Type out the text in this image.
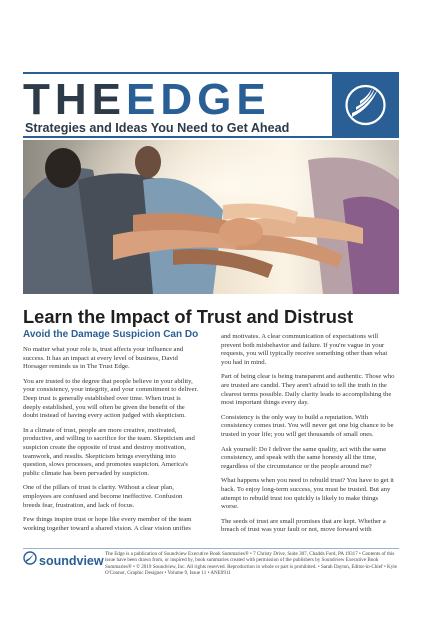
THEEDGE
Strategies and Ideas You Need to Get Ahead
Learn the Impact of Trust and Distrust
Avoid the Damage Suspicion Can Do

No matter what your role is, trust affects your influence and success. It has an impact at every level of business, David Horsager reminds us in The Trust Edge.

You are trusted to the degree that people believe in your ability, your consistency, your integrity, and your commitment to deliver. Deep trust is generally established over time. When trust is deeply established, you will often be given the benefit of the doubt instead of having every action judged with skepticism.

In a climate of trust, people are more creative, motivated, productive, and willing to sacrifice for the team. Skepticism and suspicion create the opposite of trust and destroy motivation, teamwork, and results. Skepticism brings everything into question, slows processes, and promotes suspicion. America's public climate has been pervaded by suspicion.

One of the pillars of trust is clarity. Without a clear plan, employees are confused and become ineffective. Confusion breeds fear, frustration, and lack of focus.

Few things inspire trust or hope like every member of the team working together toward a shared vision. A clear vision unifies

and motivates. A clear communication of expectations will prevent both misbehavior and failure. If you're vague in your requests, you will typically receive something other than what you had in mind.

Part of being clear is being transparent and authentic. Those who are trusted are candid. They aren't afraid to tell the truth in the clearest terms possible. Daily clarity leads to accomplishing the most important things every day.

Consistency is the only way to build a reputation. With consistency comes trust. You will never get one big chance to be trusted in your life; you will get thousands of small ones.

Ask yourself: Do I deliver the same quality, act with the same consistency, and speak with the same honesty all the time, regardless of the circumstance or the people around me?

What happens when you need to rebuild trust? You have to get it back. To enjoy long-term success, you must be trusted. But any attempt to rebuild trust too quickly is likely to make things worse.

The seeds of trust are small promises that are kept. Whether a breach of trust was your fault or not, move forward with

soundview The Edge is a publication of Soundview Executive Book Summaries® • 7 Christy Drive, Suite 307, Chadds Ford, PA 19317 • Contents of this issue have been drawn from, or inspired by, book summaries created with permission of the publishers by Soundview Executive Book Summaries® • © 2019 Soundview, Inc. All rights reserved. Reproduction in whole or part is prohibited. • Sarah Dayton, Editor-in-Chief • Kyle O'Connor, Graphic Designer • Volume 9, Issue 11 • ANE0911
